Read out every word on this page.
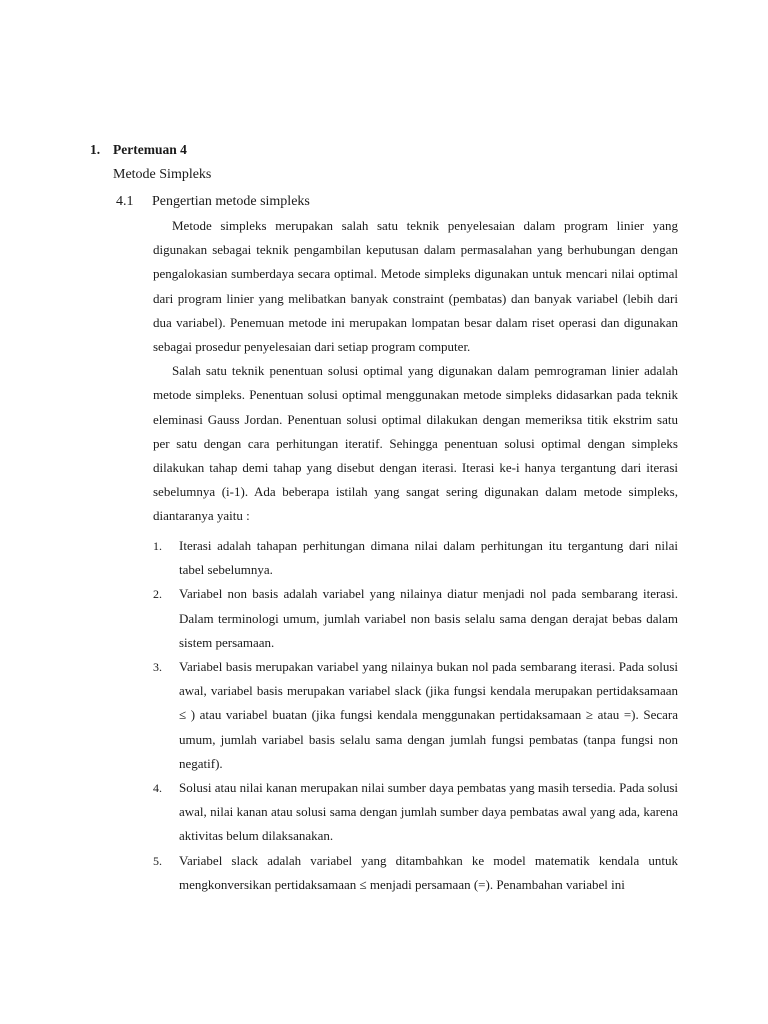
1. Pertemuan 4
Metode Simpleks
4.1 Pengertian metode simpleks

Metode simpleks merupakan salah satu teknik penyelesaian dalam program linier yang digunakan sebagai teknik pengambilan keputusan dalam permasalahan yang berhubungan dengan pengalokasian sumberdaya secara optimal. Metode simpleks digunakan untuk mencari nilai optimal dari program linier yang melibatkan banyak constraint (pembatas) dan banyak variabel (lebih dari dua variabel). Penemuan metode ini merupakan lompatan besar dalam riset operasi dan digunakan sebagai prosedur penyelesaian dari setiap program computer.

Salah satu teknik penentuan solusi optimal yang digunakan dalam pemrograman linier adalah metode simpleks. Penentuan solusi optimal menggunakan metode simpleks didasarkan pada teknik eleminasi Gauss Jordan. Penentuan solusi optimal dilakukan dengan memeriksa titik ekstrim satu per satu dengan cara perhitungan iteratif. Sehingga penentuan solusi optimal dengan simpleks dilakukan tahap demi tahap yang disebut dengan iterasi. Iterasi ke-i hanya tergantung dari iterasi sebelumnya (i-1). Ada beberapa istilah yang sangat sering digunakan dalam metode simpleks, diantaranya yaitu :

1. Iterasi adalah tahapan perhitungan dimana nilai dalam perhitungan itu tergantung dari nilai tabel sebelumnya.
2. Variabel non basis adalah variabel yang nilainya diatur menjadi nol pada sembarang iterasi. Dalam terminologi umum, jumlah variabel non basis selalu sama dengan derajat bebas dalam sistem persamaan.
3. Variabel basis merupakan variabel yang nilainya bukan nol pada sembarang iterasi. Pada solusi awal, variabel basis merupakan variabel slack (jika fungsi kendala merupakan pertidaksamaan ≤ ) atau variabel buatan (jika fungsi kendala menggunakan pertidaksamaan ≥ atau =). Secara umum, jumlah variabel basis selalu sama dengan jumlah fungsi pembatas (tanpa fungsi non negatif).
4. Solusi atau nilai kanan merupakan nilai sumber daya pembatas yang masih tersedia. Pada solusi awal, nilai kanan atau solusi sama dengan jumlah sumber daya pembatas awal yang ada, karena aktivitas belum dilaksanakan.
5. Variabel slack adalah variabel yang ditambahkan ke model matematik kendala untuk mengkonversikan pertidaksamaan ≤ menjadi persamaan (=). Penambahan variabel ini
